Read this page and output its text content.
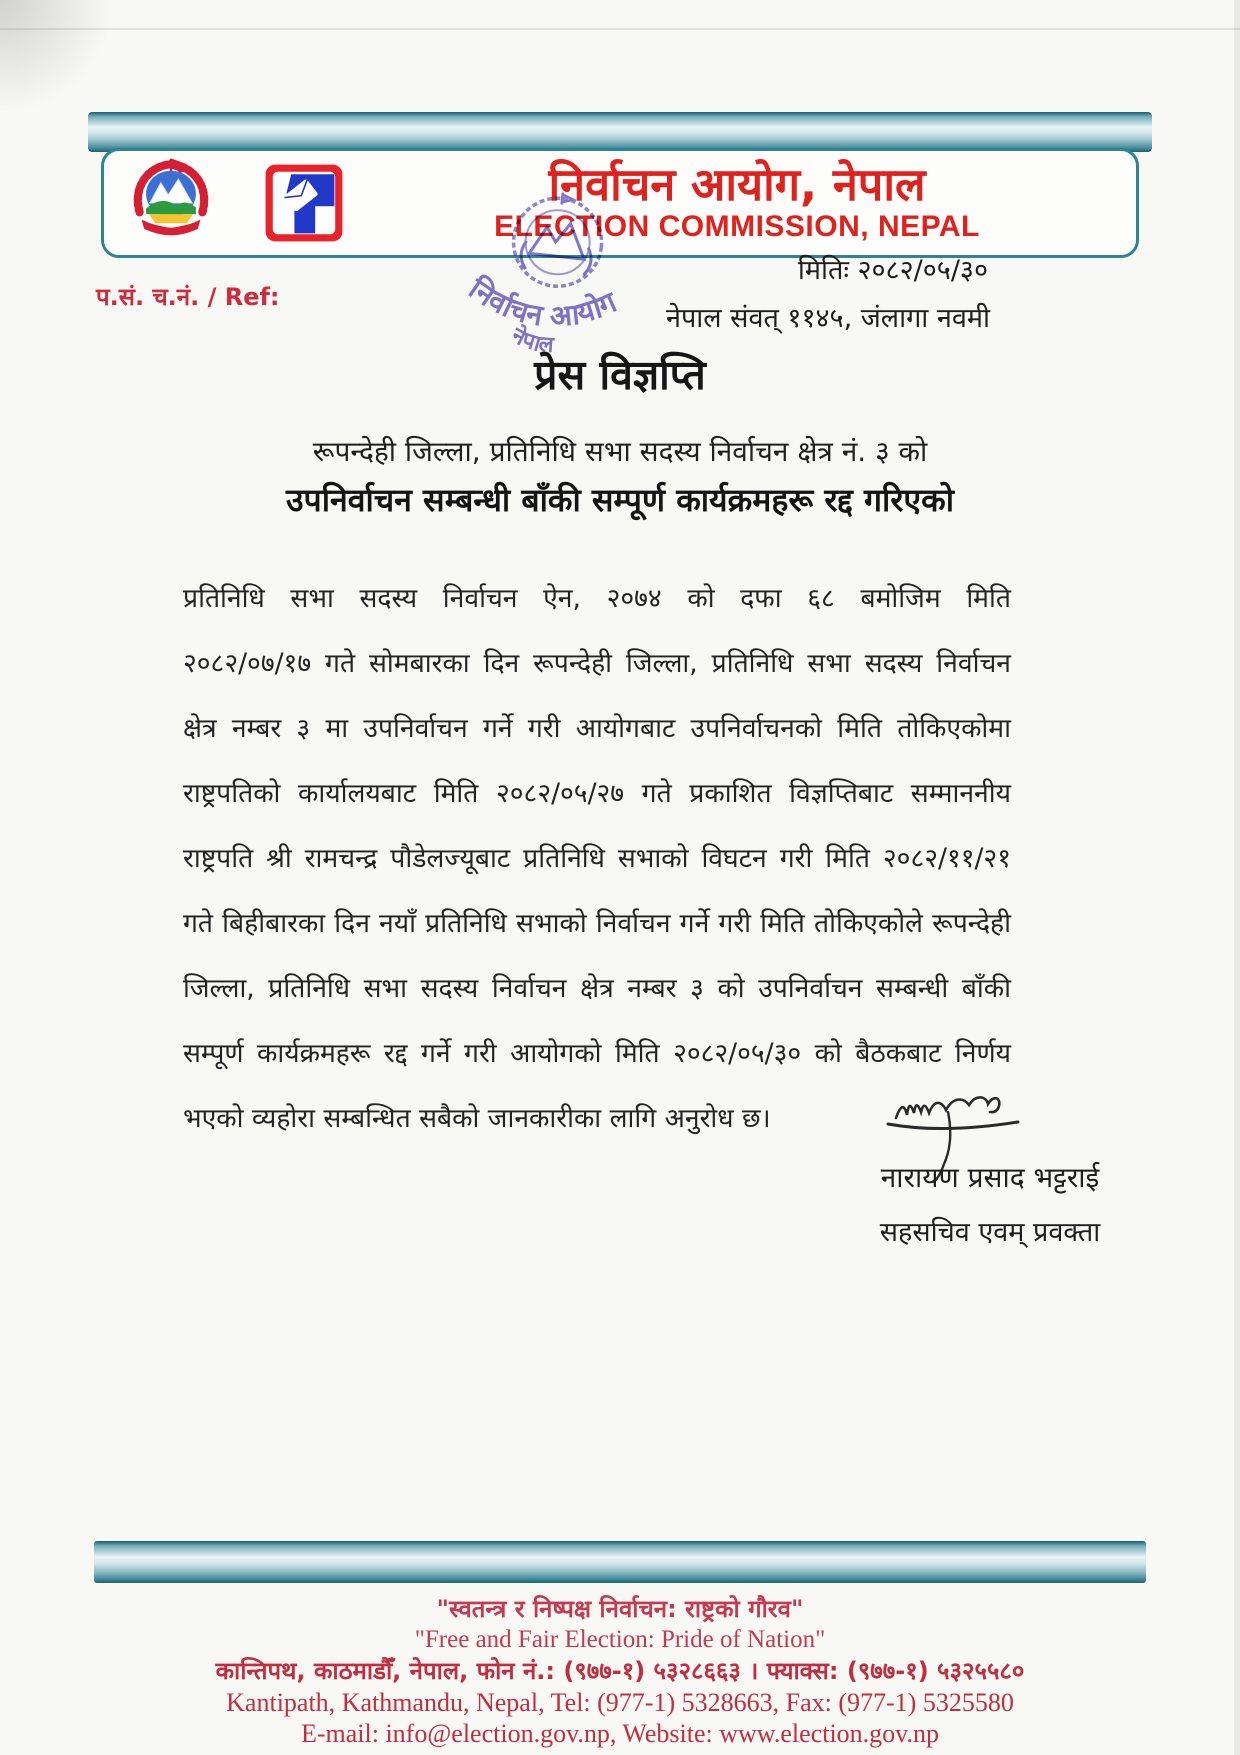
निर्वाचन आयोग, नेपाल
ELECTION COMMISSION, NEPAL
मितिः २०८२/०५/३०
प.सं. च.नं. / Ref:
नेपाल संवत् ११४५, जंलागा नवमी
निर्वाचन आयोग
नेपाल
प्रेस विज्ञप्ति
रूपन्देही जिल्ला, प्रतिनिधि सभा सदस्य निर्वाचन क्षेत्र नं. ३ को
उपनिर्वाचन सम्बन्धी बाँकी सम्पूर्ण कार्यक्रमहरू रद्द गरिएको
प्रतिनिधि सभा सदस्य निर्वाचन ऐन, २०७४ को दफा ६८ बमोजिम मिति
२०८२/०७/१७ गते सोमबारका दिन रूपन्देही जिल्ला, प्रतिनिधि सभा सदस्य निर्वाचन
क्षेत्र नम्बर ३ मा उपनिर्वाचन गर्ने गरी आयोगबाट उपनिर्वाचनको मिति तोकिएकोमा
राष्ट्रपतिको कार्यालयबाट मिति २०८२/०५/२७ गते प्रकाशित विज्ञप्तिबाट सम्माननीय
राष्ट्रपति श्री रामचन्द्र पौडेलज्यूबाट प्रतिनिधि सभाको विघटन गरी मिति २०८२/११/२१
गते बिहीबारका दिन नयाँ प्रतिनिधि सभाको निर्वाचन गर्ने गरी मिति तोकिएकोले रूपन्देही
जिल्ला, प्रतिनिधि सभा सदस्य निर्वाचन क्षेत्र नम्बर ३ को उपनिर्वाचन सम्बन्धी बाँकी
सम्पूर्ण कार्यक्रमहरू रद्द गर्ने गरी आयोगको मिति २०८२/०५/३० को बैठकबाट निर्णय
भएको व्यहोरा सम्बन्धित सबैको जानकारीका लागि अनुरोध छ।
नारायण प्रसाद भट्टराई
सहसचिव एवम् प्रवक्ता
"स्वतन्त्र र निष्पक्ष निर्वाचन: राष्ट्रको गौरव"
"Free and Fair Election: Pride of Nation"
कान्तिपथ, काठमाडौँ, नेपाल, फोन नं.: (९७७-१) ५३२८६६३ । फ्याक्स: (९७७-१) ५३२५५८०
Kantipath, Kathmandu, Nepal, Tel: (977-1) 5328663, Fax: (977-1) 5325580
E-mail: info@election.gov.np, Website: www.election.gov.np
